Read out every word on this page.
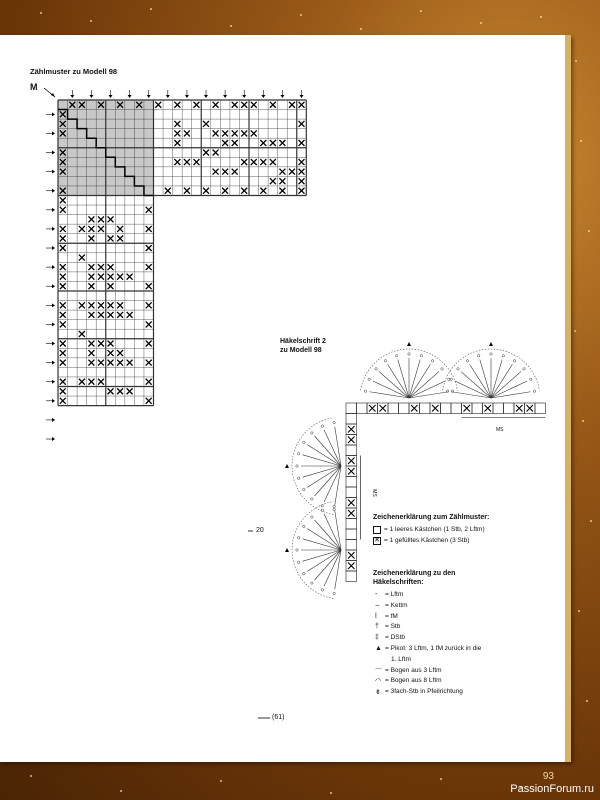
Zählmuster zu Modell 98
M
20
(61)
Häkelschrift 2
zu Modell 98
MS
MS
Zeichenerklärung zum Zählmuster:
= 1 leeres Kästchen (1 Stb, 2 Lftm)
✕ = 1 gefülltes Kästchen (3 Stb)
Zeichenerklärung zu den
Häkelschriften:
- = Lftm
⌢ = Kettm
ǀ = fM
† = Stb
‡ = DStb
▲ = Pikot: 3 Lftm, 1 fM zurück in die
1. Lftm
⌒ = Bogen aus 3 Lftm
◠ = Bogen aus 8 Lftm
⇟ = 3fach-Stb in Pfeilrichtung
93
PassionForum.ru
